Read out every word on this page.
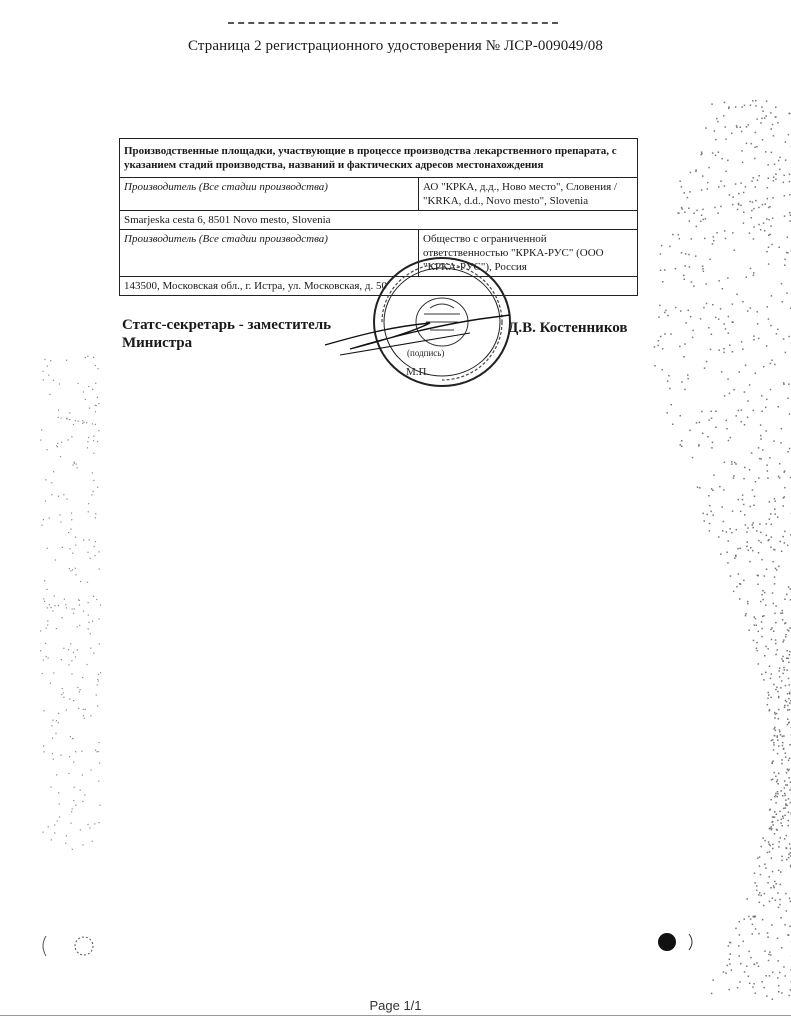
Страница 2 регистрационного удостоверения № ЛСР-009049/08
Производственные площадки, участвующие в процессе производства лекарственного препарата, с указанием стадий производства, названий и фактических адресов местонахождения	
Производитель (Все стадии производства)	АО "КРКА, д.д., Ново место", Словения / "KRKA, d.d., Novo mesto", Slovenia
Smarjeska cesta 6, 8501 Novo mesto, Slovenia	
Производитель (Все стадии производства)	Общество с ограниченной ответственностью "КРКА-РУС" (ООО "КРКА-РУС"), Россия
143500, Московская обл., г. Истра, ул. Московская, д. 50	
Статс-секретарь - заместитель
Министра
Д.В. Костенников
(подпись)
М.П.
Page 1/1
